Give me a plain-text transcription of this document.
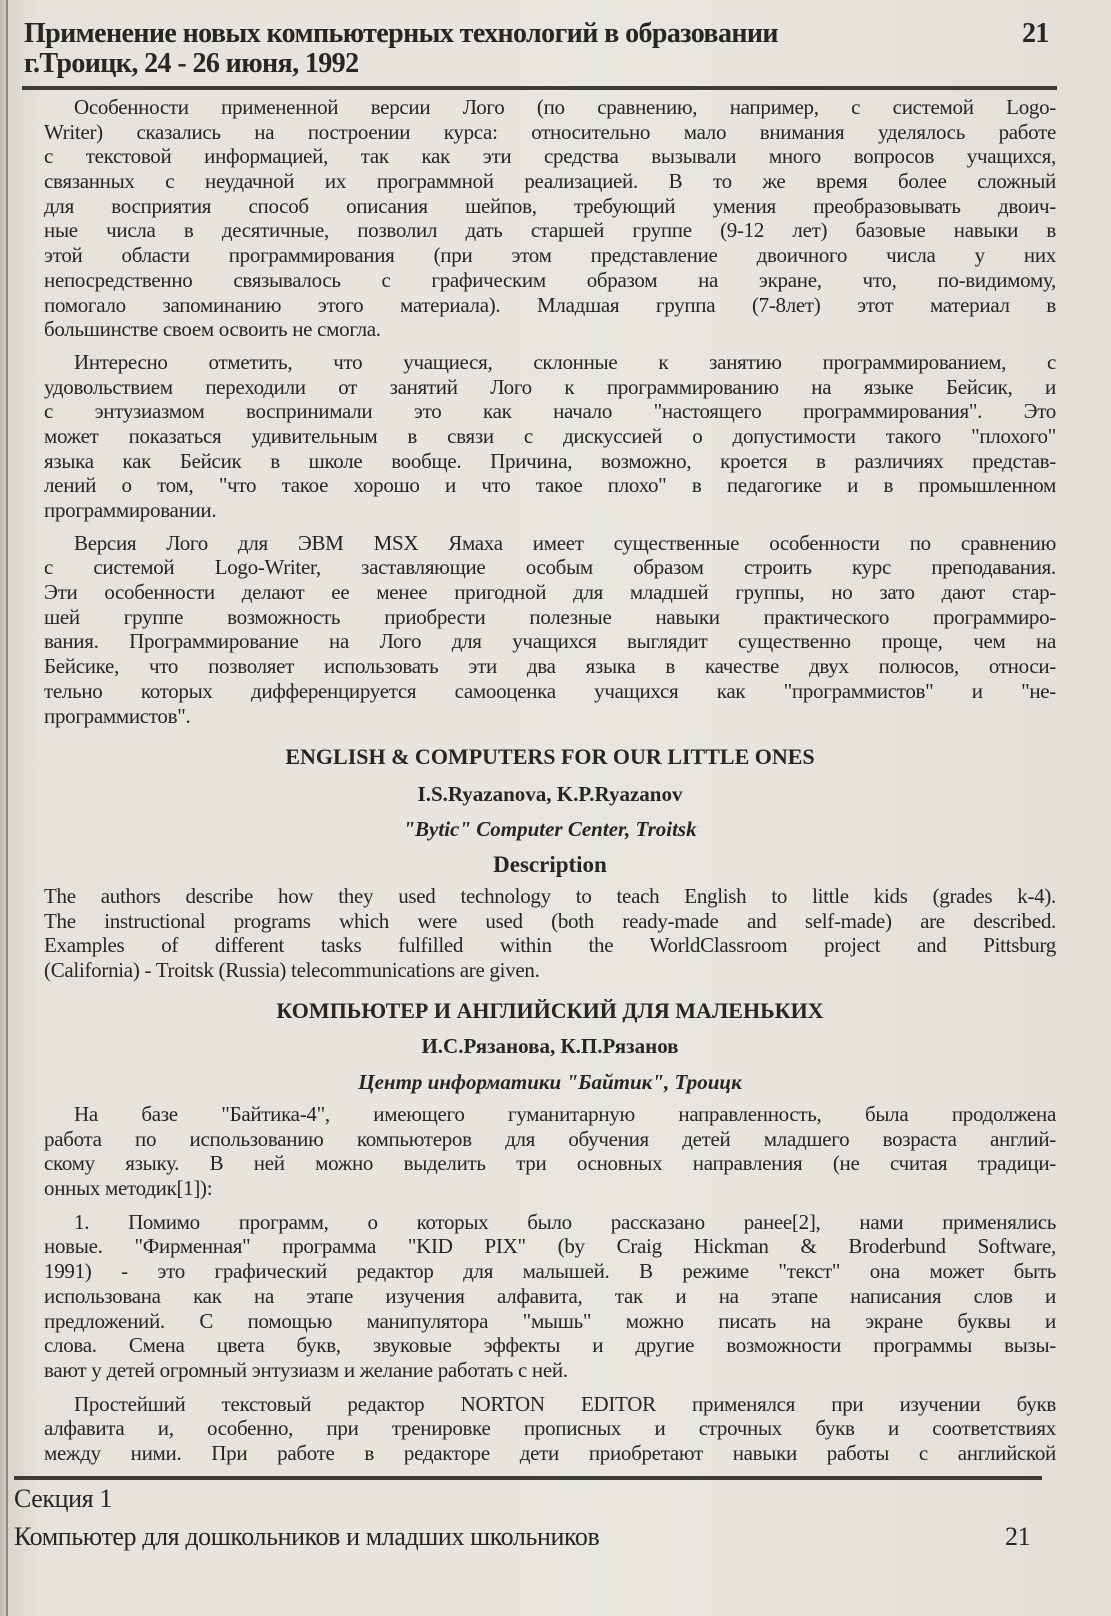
Применение новых компьютерных технологий в образовании	21
г.Троицк, 24 - 26 июня, 1992
Особенности примененной версии Лого (по сравнению, например, с системой Logo-
Writer) сказались на построении курса: относительно мало внимания уделялось работе
с текстовой информацией, так как эти средства вызывали много вопросов учащихся,
связанных с неудачной их программной реализацией. В то же время более сложный
для восприятия способ описания шейпов, требующий умения преобразовывать двоич-
ные числа в десятичные, позволил дать старшей группе (9-12 лет) базовые навыки в
этой области программирования (при этом представление двоичного числа у них
непосредственно связывалось с графическим образом на экране, что, по-видимому,
помогало запоминанию этого материала). Младшая группа (7-8лет) этот материал в
большинстве своем освоить не смогла.
Интересно отметить, что учащиеся, склонные к занятию программированием, с
удовольствием переходили от занятий Лого к программированию на языке Бейсик, и
с энтузиазмом воспринимали это как начало "настоящего программирования". Это
может показаться удивительным в связи с дискуссией о допустимости такого "плохого"
языка как Бейсик в школе вообще. Причина, возможно, кроется в различиях представ-
лений о том, "что такое хорошо и что такое плохо" в педагогике и в промышленном
программировании.
Версия Лого для ЭВМ MSX Ямаха имеет существенные особенности по сравнению
с системой Logo-Writer, заставляющие особым образом строить курс преподавания.
Эти особенности делают ее менее пригодной для младшей группы, но зато дают стар-
шей группе возможность приобрести полезные навыки практического программиро-
вания. Программирование на Лого для учащихся выглядит существенно проще, чем на
Бейсике, что позволяет использовать эти два языка в качестве двух полюсов, относи-
тельно которых дифференцируется самооценка учащихся как "программистов" и "не-
программистов".
ENGLISH & COMPUTERS FOR OUR LITTLE ONES
I.S.Ryazanova, K.P.Ryazanov
"Bytic" Computer Center, Troitsk
Description
The authors describe how they used technology to teach English to little kids (grades k-4).
The instructional programs which were used (both ready-made and self-made) are described.
Examples of different tasks fulfilled within the WorldClassroom project and Pittsburg
(California) - Troitsk (Russia) telecommunications are given.
КОМПЬЮТЕР И АНГЛИЙСКИЙ ДЛЯ МАЛЕНЬКИХ
И.С.Рязанова, К.П.Рязанов
Центр информатики "Байтик", Троицк
На базе "Байтика-4", имеющего гуманитарную направленность, была продолжена
работа по использованию компьютеров для обучения детей младшего возраста англий-
скому языку. В ней можно выделить три основных направления (не считая традици-
онных методик[1]):
1. Помимо программ, о которых было рассказано ранее[2], нами применялись
новые. "Фирменная" программа "KID PIX" (by Craig Hickman & Broderbund Software,
1991) - это графический редактор для малышей. В режиме "текст" она может быть
использована как на этапе изучения алфавита, так и на этапе написания слов и
предложений. С помощью манипулятора "мышь" можно писать на экране буквы и
слова. Смена цвета букв, звуковые эффекты и другие возможности программы вызы-
вают у детей огромный энтузиазм и желание работать с ней.
Простейший текстовый редактор NORTON EDITOR применялся при изучении букв
алфавита и, особенно, при тренировке прописных и строчных букв и соответствиях
между ними. При работе в редакторе дети приобретают навыки работы с английской
Секция 1
Компьютер для дошкольников и младших школьников	21
